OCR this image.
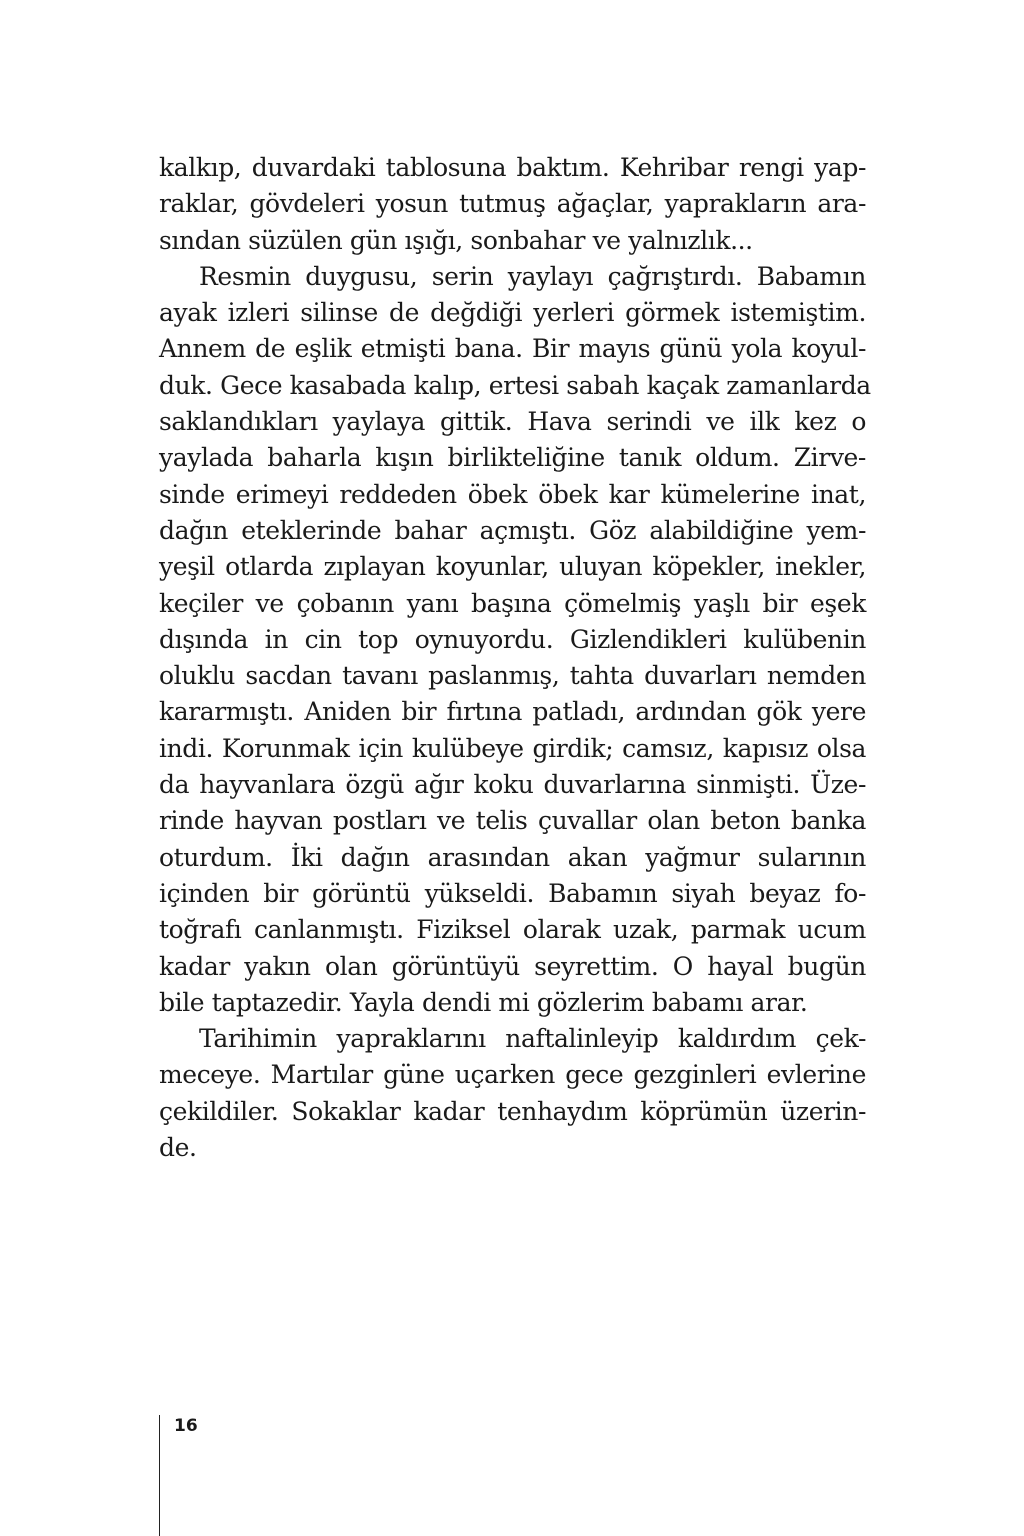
kalkıp, duvardaki tablosuna baktım. Kehribar rengi yap-
raklar, gövdeleri yosun tutmuş ağaçlar, yaprakların ara-
sından süzülen gün ışığı, sonbahar ve yalnızlık...
Resmin duygusu, serin yaylayı çağrıştırdı. Babamın
ayak izleri silinse de değdiği yerleri görmek istemiştim.
Annem de eşlik etmişti bana. Bir mayıs günü yola koyul-
duk. Gece kasabada kalıp, ertesi sabah kaçak zamanlarda
saklandıkları yaylaya gittik. Hava serindi ve ilk kez o
yaylada baharla kışın birlikteliğine tanık oldum. Zirve-
sinde erimeyi reddeden öbek öbek kar kümelerine inat,
dağın eteklerinde bahar açmıştı. Göz alabildiğine yem-
yeşil otlarda zıplayan koyunlar, uluyan köpekler, inekler,
keçiler ve çobanın yanı başına çömelmiş yaşlı bir eşek
dışında in cin top oynuyordu. Gizlendikleri kulübenin
oluklu sacdan tavanı paslanmış, tahta duvarları nemden
kararmıştı. Aniden bir fırtına patladı, ardından gök yere
indi. Korunmak için kulübeye girdik; camsız, kapısız olsa
da hayvanlara özgü ağır koku duvarlarına sinmişti. Üze-
rinde hayvan postları ve telis çuvallar olan beton banka
oturdum. İki dağın arasından akan yağmur sularının
içinden bir görüntü yükseldi. Babamın siyah beyaz fo-
toğrafı canlanmıştı. Fiziksel olarak uzak, parmak ucum
kadar yakın olan görüntüyü seyrettim. O hayal bugün
bile taptazedir. Yayla dendi mi gözlerim babamı arar.
Tarihimin yapraklarını naftalinleyip kaldırdım çek-
meceye. Martılar güne uçarken gece gezginleri evlerine
çekildiler. Sokaklar kadar tenhaydım köprümün üzerin-
de.
16
